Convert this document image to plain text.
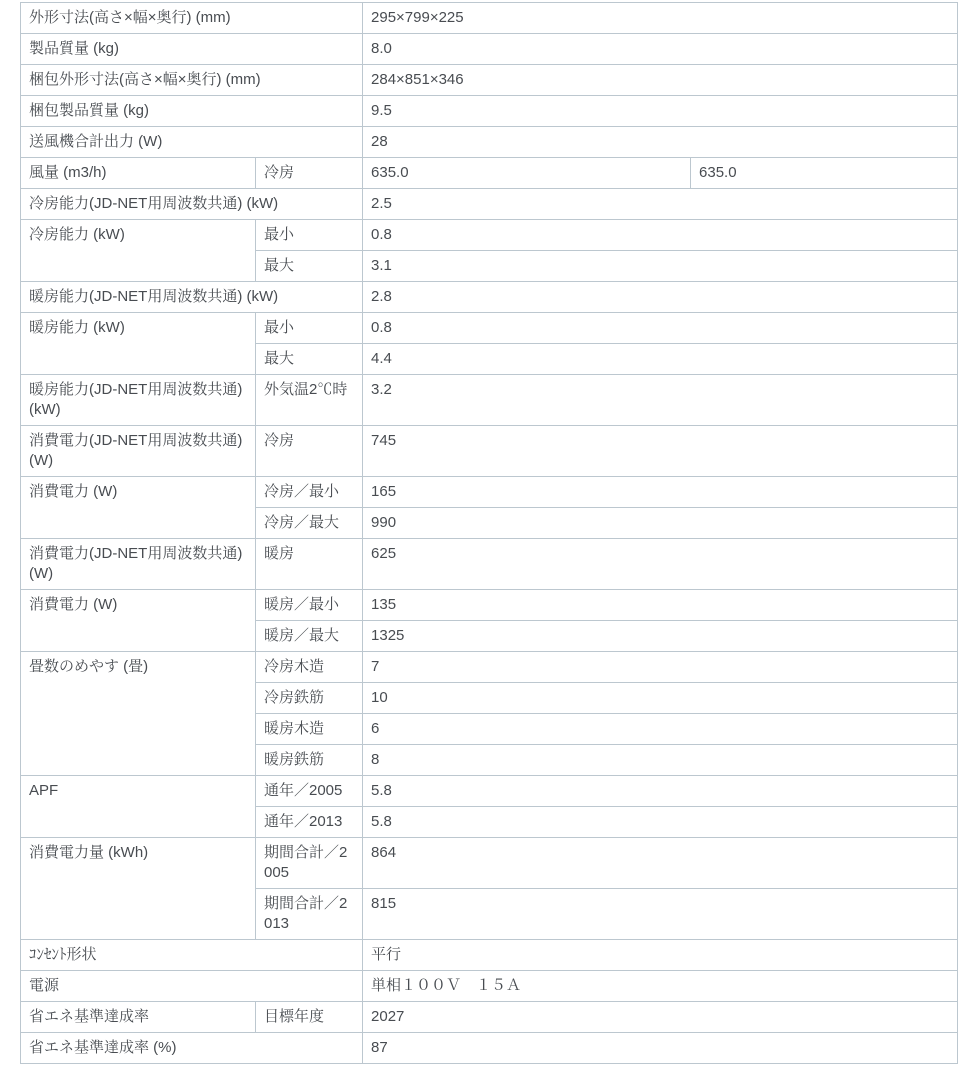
外形寸法(高さ×幅×奥行) (mm)		295×799×225	
製品質量 (kg)		8.0	
梱包外形寸法(高さ×幅×奥行) (mm)		284×851×346	
梱包製品質量 (kg)		9.5	
送風機合計出力 (W)		28	
風量 (m3/h)	冷房	635.0	635.0
冷房能力(JD-NET用周波数共通) (kW)		2.5	
冷房能力 (kW)	最小	0.8	
	最大	3.1	
暖房能力(JD-NET用周波数共通) (kW)		2.8	
暖房能力 (kW)	最小	0.8	
	最大	4.4	
暖房能力(JD-NET用周波数共通) (kW)	外気温2℃時	3.2	
消費電力(JD-NET用周波数共通) (W)	冷房	745	
消費電力 (W)	冷房／最小	165	
	冷房／最大	990	
消費電力(JD-NET用周波数共通) (W)	暖房	625	
消費電力 (W)	暖房／最小	135	
	暖房／最大	1325	
畳数のめやす (畳)	冷房木造	7	
	冷房鉄筋	10	
	暖房木造	6	
	暖房鉄筋	8	
APF	通年／2005	5.8	
	通年／2013	5.8	
消費電力量 (kWh)	期間合計／2005	864	
	期間合計／2013	815	
ｺﾝｾﾝﾄ形状		平行	
電源		単相１００Ｖ　１５Ａ	
省エネ基準達成率	目標年度	2027	
省エネ基準達成率 (%)		87	
